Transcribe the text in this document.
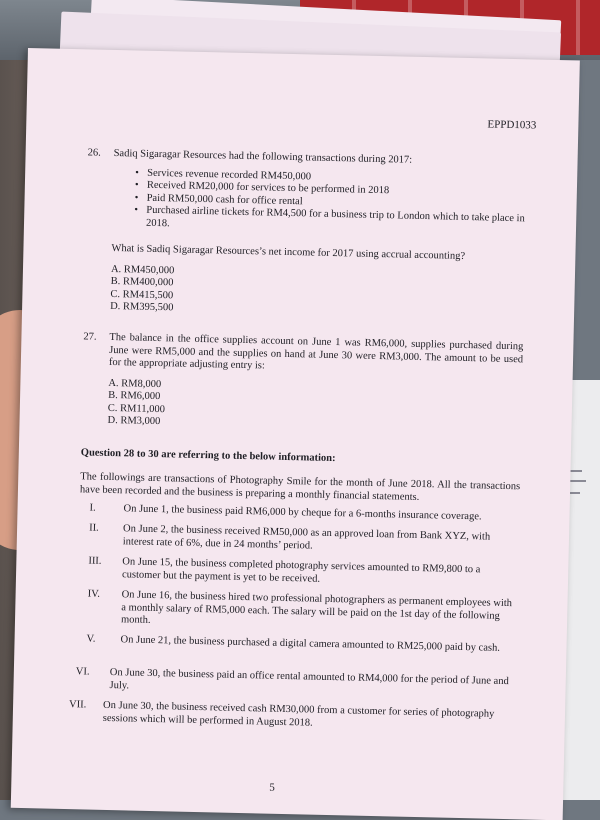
EPPD1033
26. Sadiq Sigaragar Resources had the following transactions during 2017:
• Services revenue recorded RM450,000
• Received RM20,000 for services to be performed in 2018
• Paid RM50,000 cash for office rental
• Purchased airline tickets for RM4,500 for a business trip to London which to take place in 2018.
What is Sadiq Sigaragar Resources’s net income for 2017 using accrual accounting?
A. RM450,000
B. RM400,000
C. RM415,500
D. RM395,500
27. The balance in the office supplies account on June 1 was RM6,000, supplies purchased during June were RM5,000 and the supplies on hand at June 30 were RM3,000. The amount to be used for the appropriate adjusting entry is:
A. RM8,000
B. RM6,000
C. RM11,000
D. RM3,000
Question 28 to 30 are referring to the below information:
The followings are transactions of Photography Smile for the month of June 2018. All the transactions have been recorded and the business is preparing a monthly financial statements.
I.	On June 1, the business paid RM6,000 by cheque for a 6-months insurance coverage.
II.	On June 2, the business received RM50,000 as an approved loan from Bank XYZ, with interest rate of 6%, due in 24 months’ period.
III.	On June 15, the business completed photography services amounted to RM9,800 to a customer but the payment is yet to be received.
IV.	On June 16, the business hired two professional photographers as permanent employees with a monthly salary of RM5,000 each. The salary will be paid on the 1st day of the following month.
V.	On June 21, the business purchased a digital camera amounted to RM25,000 paid by cash.
VI.	On June 30, the business paid an office rental amounted to RM4,000 for the period of June and July.
VII.	On June 30, the business received cash RM30,000 from a customer for series of photography sessions which will be performed in August 2018.
5
